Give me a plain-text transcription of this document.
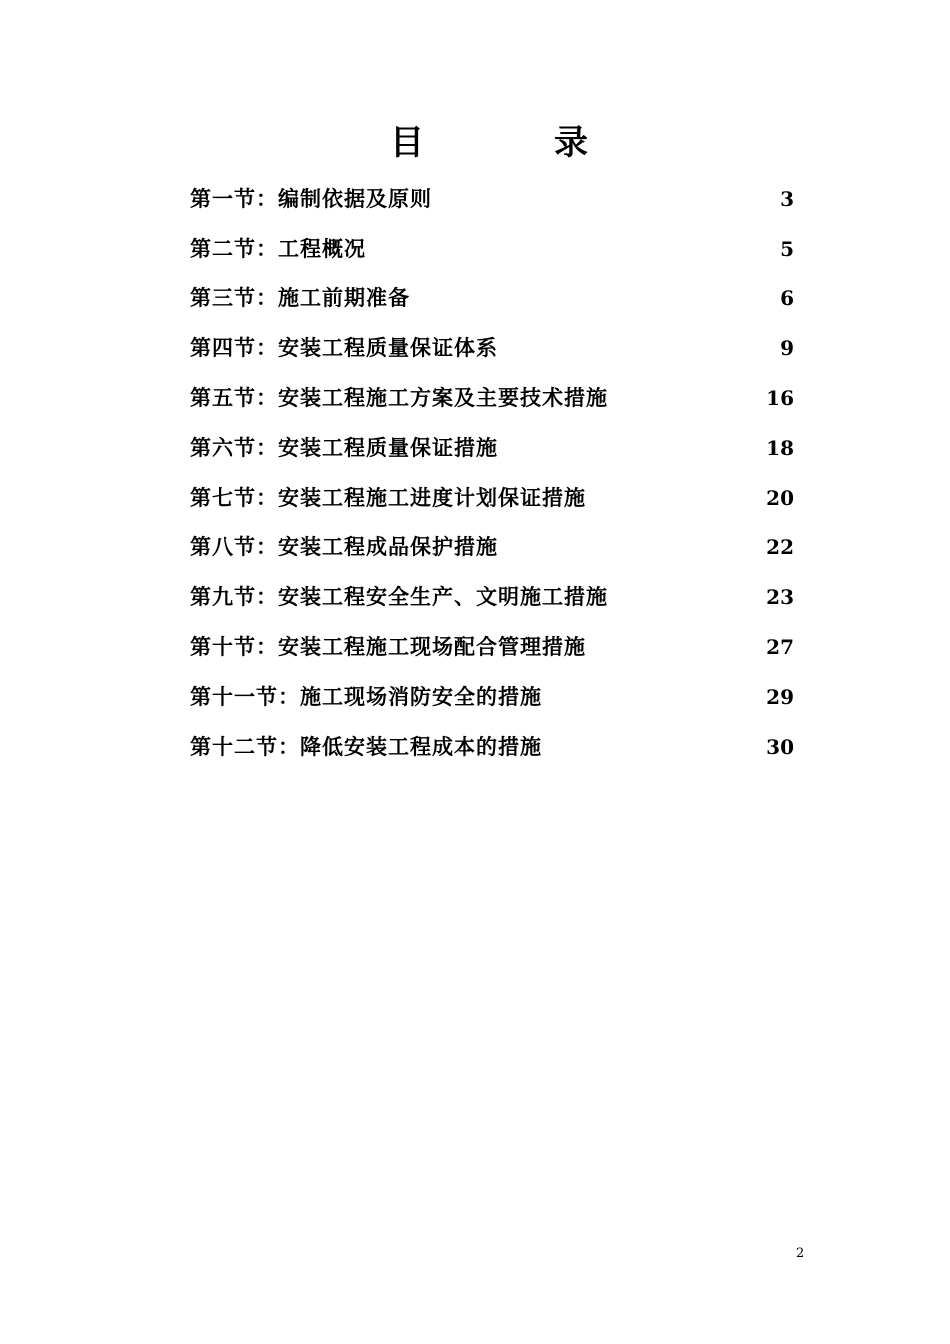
目　录
第一节：编制依据及原则	3
第二节：工程概况	5
第三节：施工前期准备	6
第四节：安装工程质量保证体系	9
第五节：安装工程施工方案及主要技术措施	16
第六节：安装工程质量保证措施	18
第七节：安装工程施工进度计划保证措施	20
第八节：安装工程成品保护措施	22
第九节：安装工程安全生产、文明施工措施	23
第十节：安装工程施工现场配合管理措施	27
第十一节：施工现场消防安全的措施	29
第十二节：降低安装工程成本的措施	30
2
